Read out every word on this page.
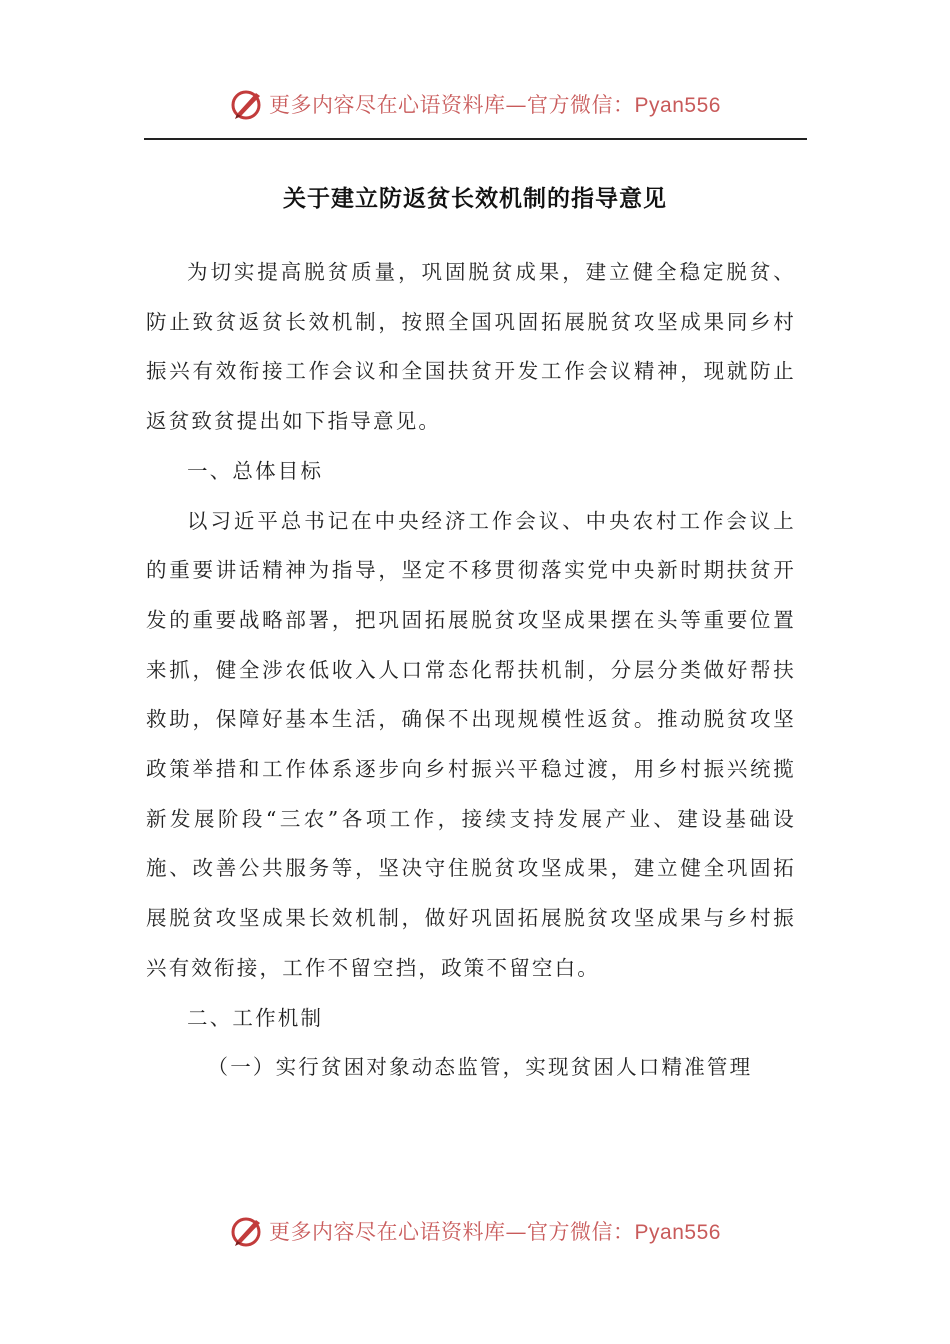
更多内容尽在心语资料库—官方微信：Pyan556
关于建立防返贫长效机制的指导意见

为切实提高脱贫质量，巩固脱贫成果，建立健全稳定脱贫、防止致贫返贫长效机制，按照全国巩固拓展脱贫攻坚成果同乡村振兴有效衔接工作会议和全国扶贫开发工作会议精神，现就防止返贫致贫提出如下指导意见。

一、总体目标

以习近平总书记在中央经济工作会议、中央农村工作会议上的重要讲话精神为指导，坚定不移贯彻落实党中央新时期扶贫开发的重要战略部署，把巩固拓展脱贫攻坚成果摆在头等重要位置来抓，健全涉农低收入人口常态化帮扶机制，分层分类做好帮扶救助，保障好基本生活，确保不出现规模性返贫。推动脱贫攻坚政策举措和工作体系逐步向乡村振兴平稳过渡，用乡村振兴统揽新发展阶段“三农”各项工作，接续支持发展产业、建设基础设施、改善公共服务等，坚决守住脱贫攻坚成果，建立健全巩固拓展脱贫攻坚成果长效机制，做好巩固拓展脱贫攻坚成果与乡村振兴有效衔接，工作不留空挡，政策不留空白。

二、工作机制

（一）实行贫困对象动态监管，实现贫困人口精准管理

更多内容尽在心语资料库—官方微信：Pyan556
